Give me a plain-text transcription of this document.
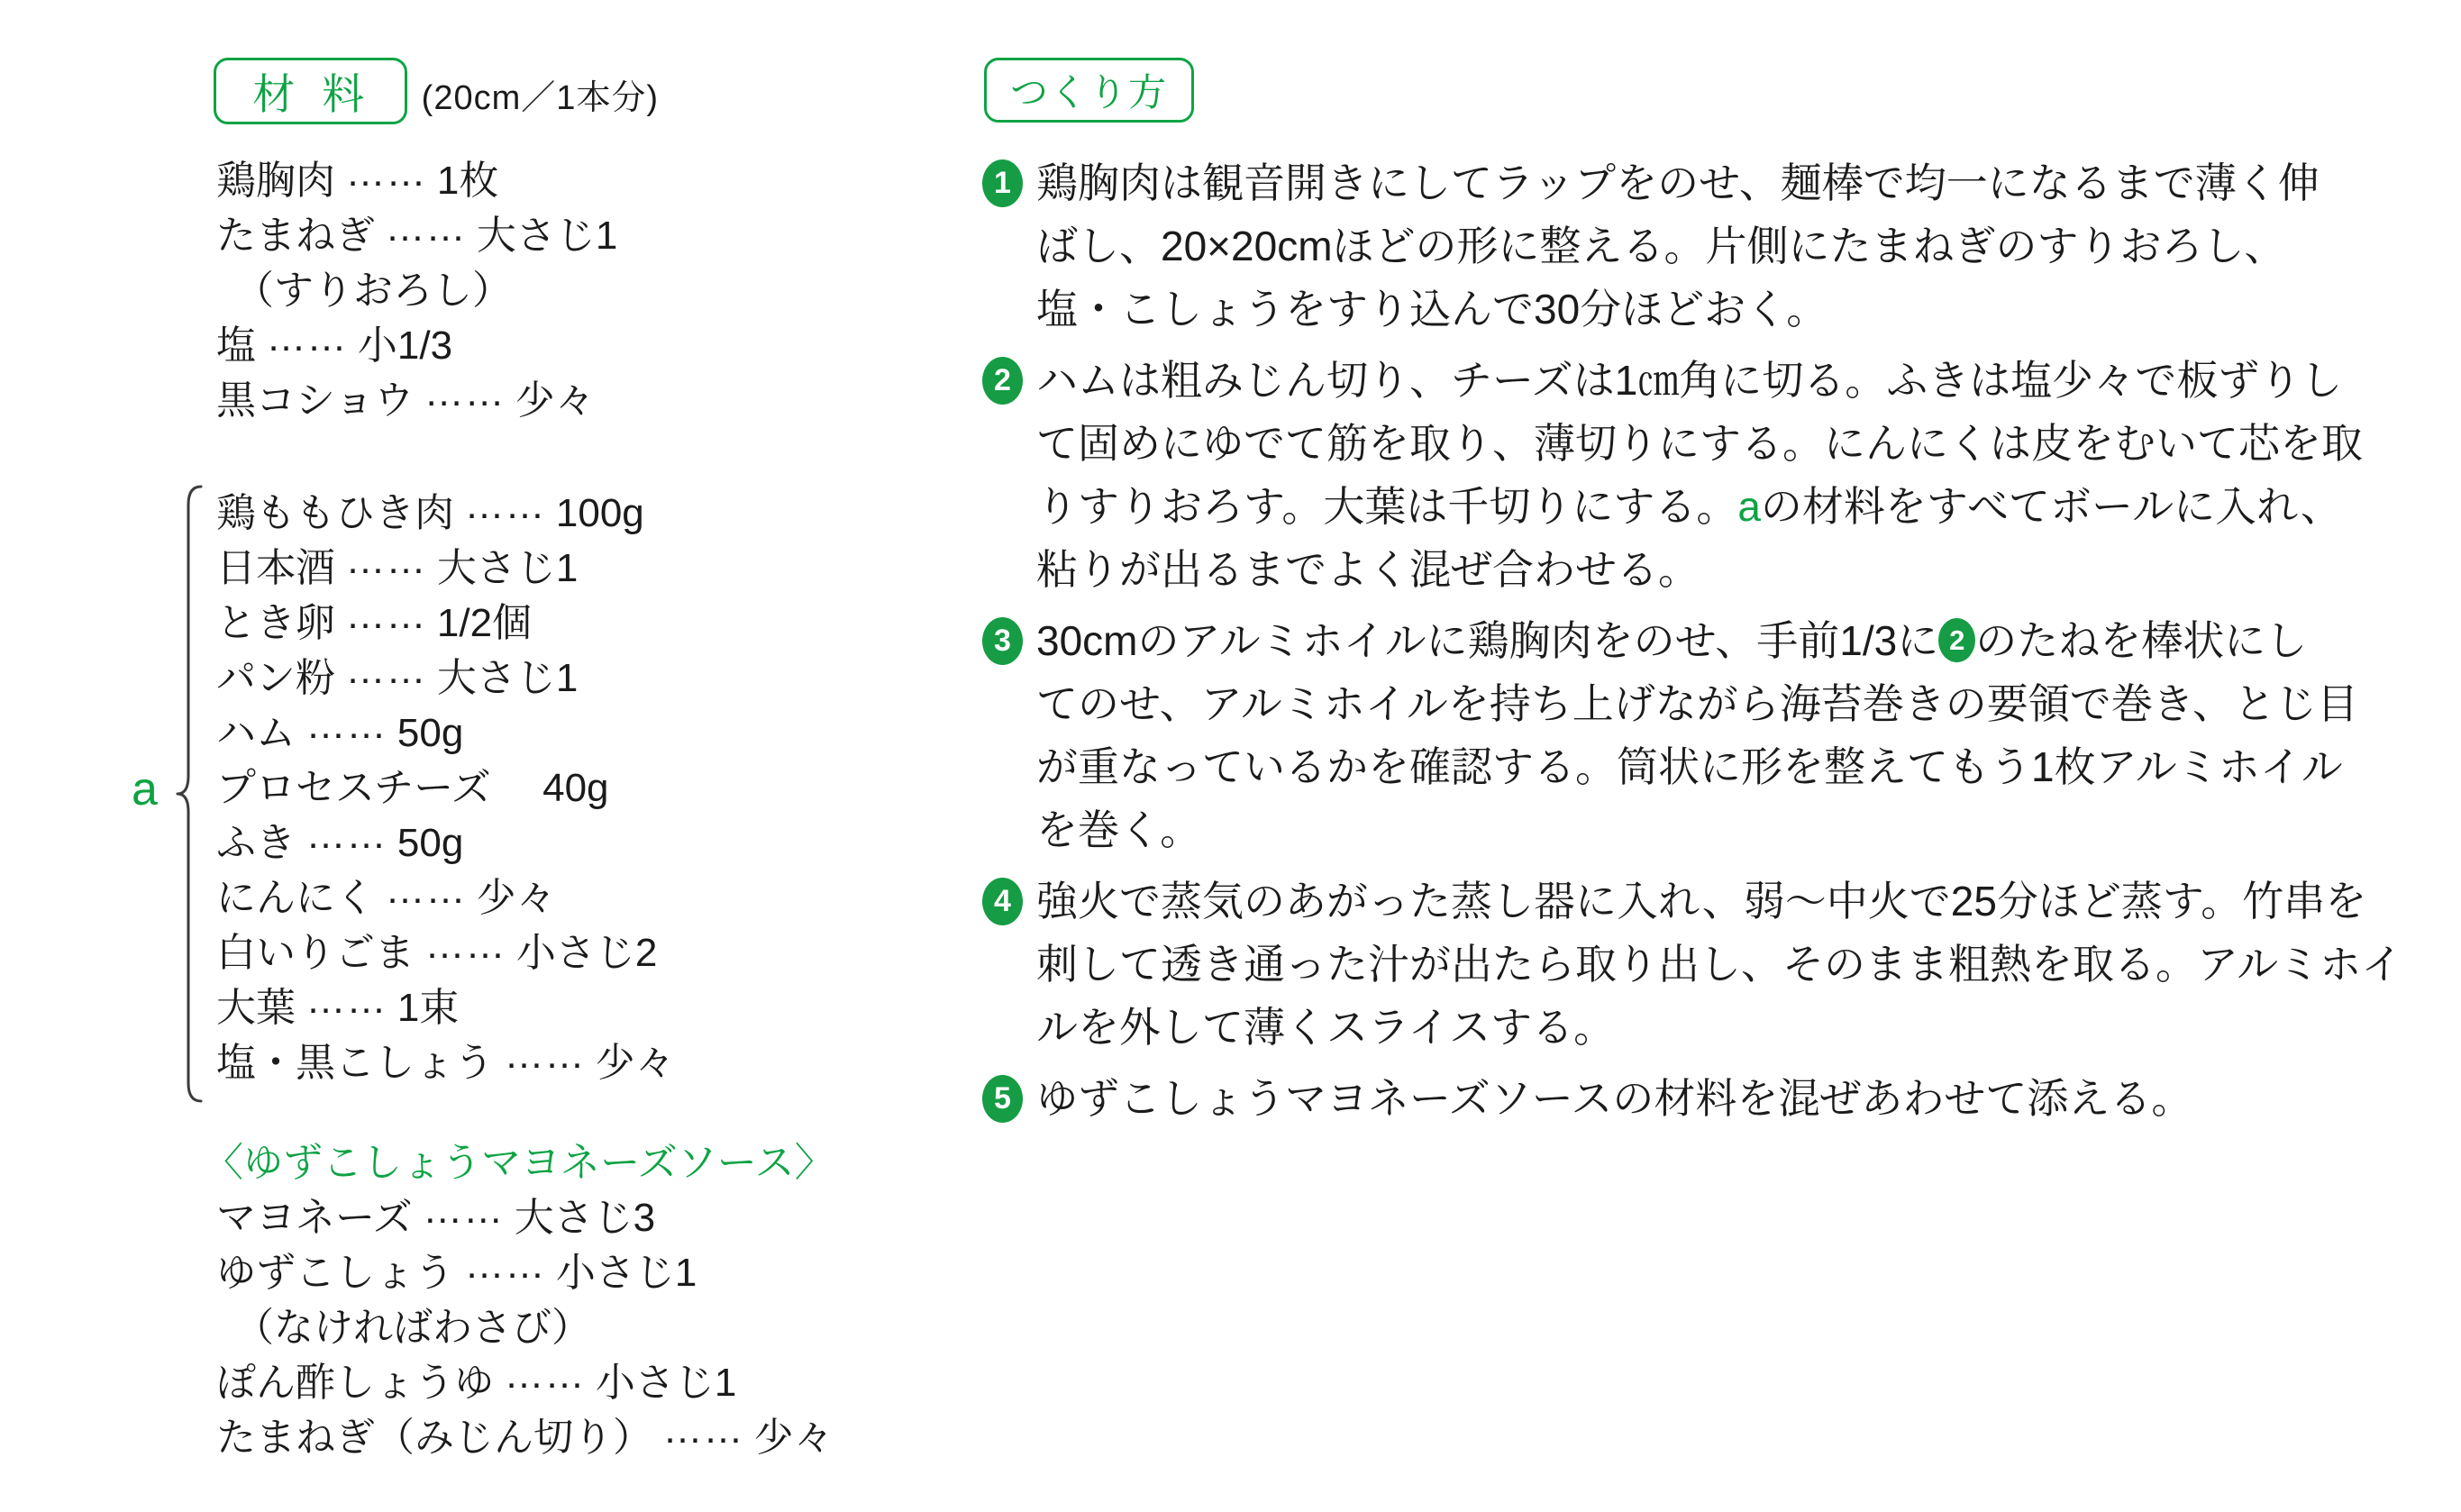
材 料 (20cm／1本分)
鶏胸肉 …… 1枚
たまねぎ …… 大さじ1
（すりおろし）
塩 …… 小1/3
黒コショウ …… 少々
a
鶏ももひき肉 …… 100g
日本酒 …… 大さじ1
とき卵 …… 1/2個
パン粉 …… 大さじ1
ハム …… 50g
プロセスチーズ 40g
ふき …… 50g
にんにく …… 少々
白いりごま …… 小さじ2
大葉 …… 1束
塩・黒こしょう …… 少々
〈ゆずこしょうマヨネーズソース〉
マヨネーズ …… 大さじ3
ゆずこしょう …… 小さじ1
（なければわさび）
ぽん酢しょうゆ …… 小さじ1
たまねぎ（みじん切り） …… 少々
つくり方
1 鶏胸肉は観音開きにしてラップをのせ、麺棒で均一になるまで薄く伸
ばし、20×20cmほどの形に整える。片側にたまねぎのすりおろし、
塩・こしょうをすり込んで30分ほどおく。
2 ハムは粗みじん切り、チーズは1㎝角に切る。ふきは塩少々で板ずりし
て固めにゆでて筋を取り、薄切りにする。にんにくは皮をむいて芯を取
りすりおろす。大葉は千切りにする。aの材料をすべてボールに入れ、
粘りが出るまでよく混ぜ合わせる。
3 30cmのアルミホイルに鶏胸肉をのせ、手前1/3に 2 のたねを棒状にし
てのせ、アルミホイルを持ち上げながら海苔巻きの要領で巻き、とじ目
が重なっているかを確認する。筒状に形を整えてもう1枚アルミホイル
を巻く。
4 強火で蒸気のあがった蒸し器に入れ、弱〜中火で25分ほど蒸す。竹串を
刺して透き通った汁が出たら取り出し、そのまま粗熱を取る。アルミホイ
ルを外して薄くスライスする。
5 ゆずこしょうマヨネーズソースの材料を混ぜあわせて添える。
